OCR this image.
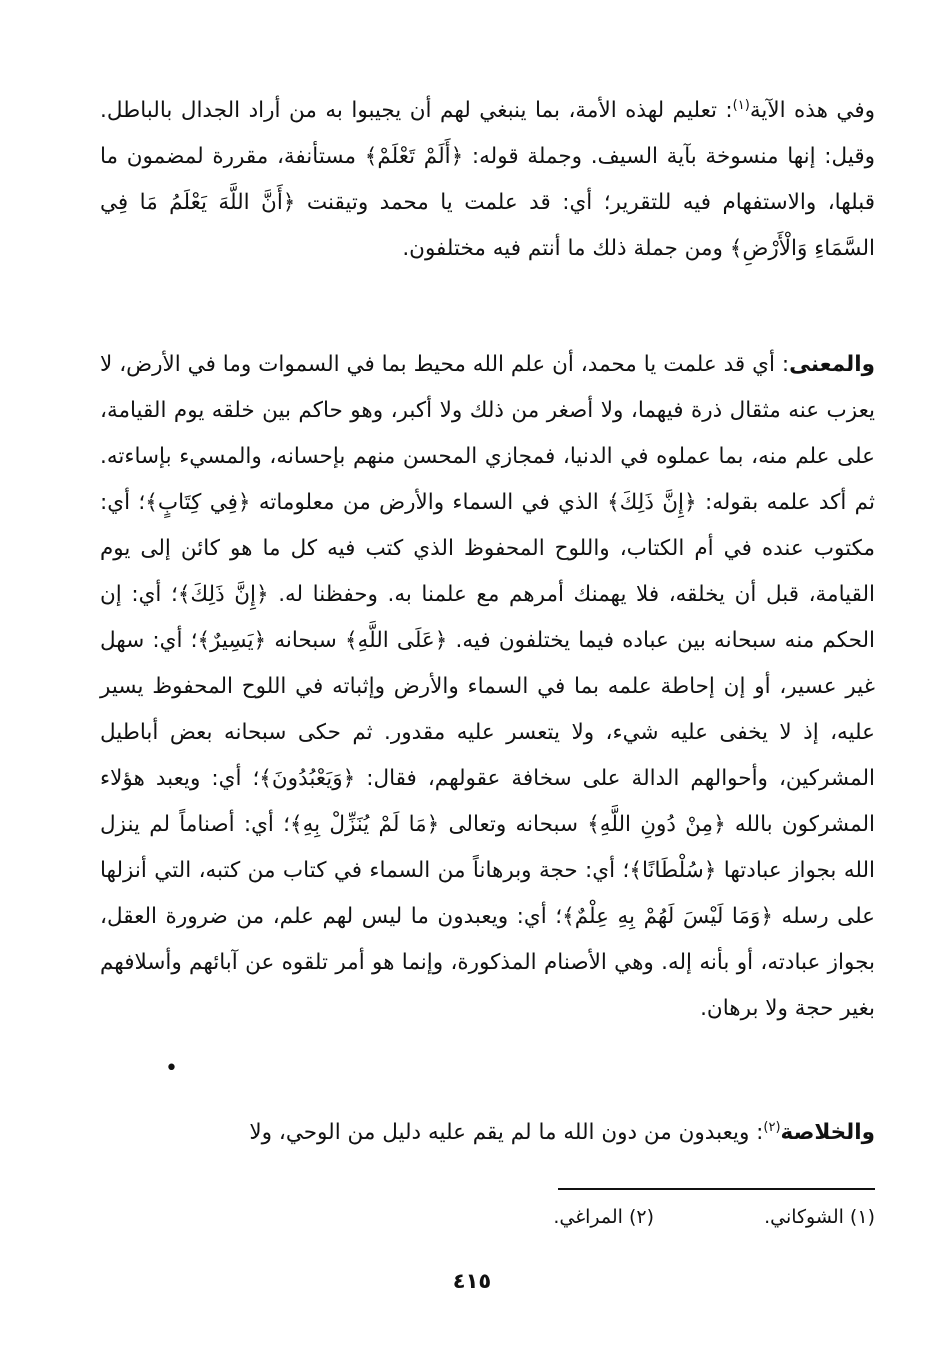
وفي هذه الآية$^{(١)}$: تعليم لهذه الأمة، بما ينبغي لهم أن يجيبوا به من أراد الجدال بالباطل. وقيل: إنها منسوخة بآية السيف. وجملة قوله: ﴿أَلَمْ تَعْلَمْ﴾ مستأنفة، مقررة لمضمون ما قبلها، والاستفهام فيه للتقرير؛ أي: قد علمت يا محمد وتيقنت ﴿أَنَّ اللَّهَ يَعْلَمُ مَا فِي السَّمَاءِ وَالْأَرْضِ﴾ ومن جملة ذلك ما أنتم فيه مختلفون.
والمعنى: أي قد علمت يا محمد، أن علم الله محيط بما في السموات وما في الأرض، لا يعزب عنه مثقال ذرة فيهما، ولا أصغر من ذلك ولا أكبر، وهو حاكم بين خلقه يوم القيامة، على علم منه، بما عملوه في الدنيا، فمجازي المحسن منهم بإحسانه، والمسيء بإساءته. ثم أكد علمه بقوله: ﴿إِنَّ ذَلِكَ﴾ الذي في السماء والأرض من معلوماته ﴿فِي كِتَابٍ﴾؛ أي: مكتوب عنده في أم الكتاب، واللوح المحفوظ الذي كتب فيه كل ما هو كائن إلى يوم القيامة، قبل أن يخلقه، فلا يهمنك أمرهم مع علمنا به. وحفظنا له. ﴿إِنَّ ذَلِكَ﴾؛ أي: إن الحكم منه سبحانه بين عباده فيما يختلفون فيه. ﴿عَلَى اللَّهِ﴾ سبحانه ﴿يَسِيرٌ﴾؛ أي: سهل غير عسير، أو إن إحاطة علمه بما في السماء والأرض وإثباته في اللوح المحفوظ يسير عليه، إذ لا يخفى عليه شيء، ولا يتعسر عليه مقدور. ثم حكى سبحانه بعض أباطيل المشركين، وأحوالهم الدالة على سخافة عقولهم، فقال: ﴿وَيَعْبُدُونَ﴾؛ أي: ويعبد هؤلاء المشركون بالله ﴿مِنْ دُونِ اللَّهِ﴾ سبحانه وتعالى ﴿مَا لَمْ يُنَزِّلْ بِهِ﴾؛ أي: أصناماً لم ينزل الله بجواز عبادتها ﴿سُلْطَانًا﴾؛ أي: حجة وبرهاناً من السماء في كتاب من كتبه، التي أنزلها على رسله ﴿وَمَا لَيْسَ لَهُمْ بِهِ عِلْمٌ﴾؛ أي: ويعبدون ما ليس لهم علم، من ضرورة العقل، بجواز عبادته، أو بأنه إله. وهي الأصنام المذكورة، وإنما هو أمر تلقوه عن آبائهم وأسلافهم بغير حجة ولا برهان.
•
والخلاصة$^{(٢)}$: ويعبدون من دون الله ما لم يقم عليه دليل من الوحي، ولا
(١) الشوكاني.(٢) المراغي.
٤١٥
